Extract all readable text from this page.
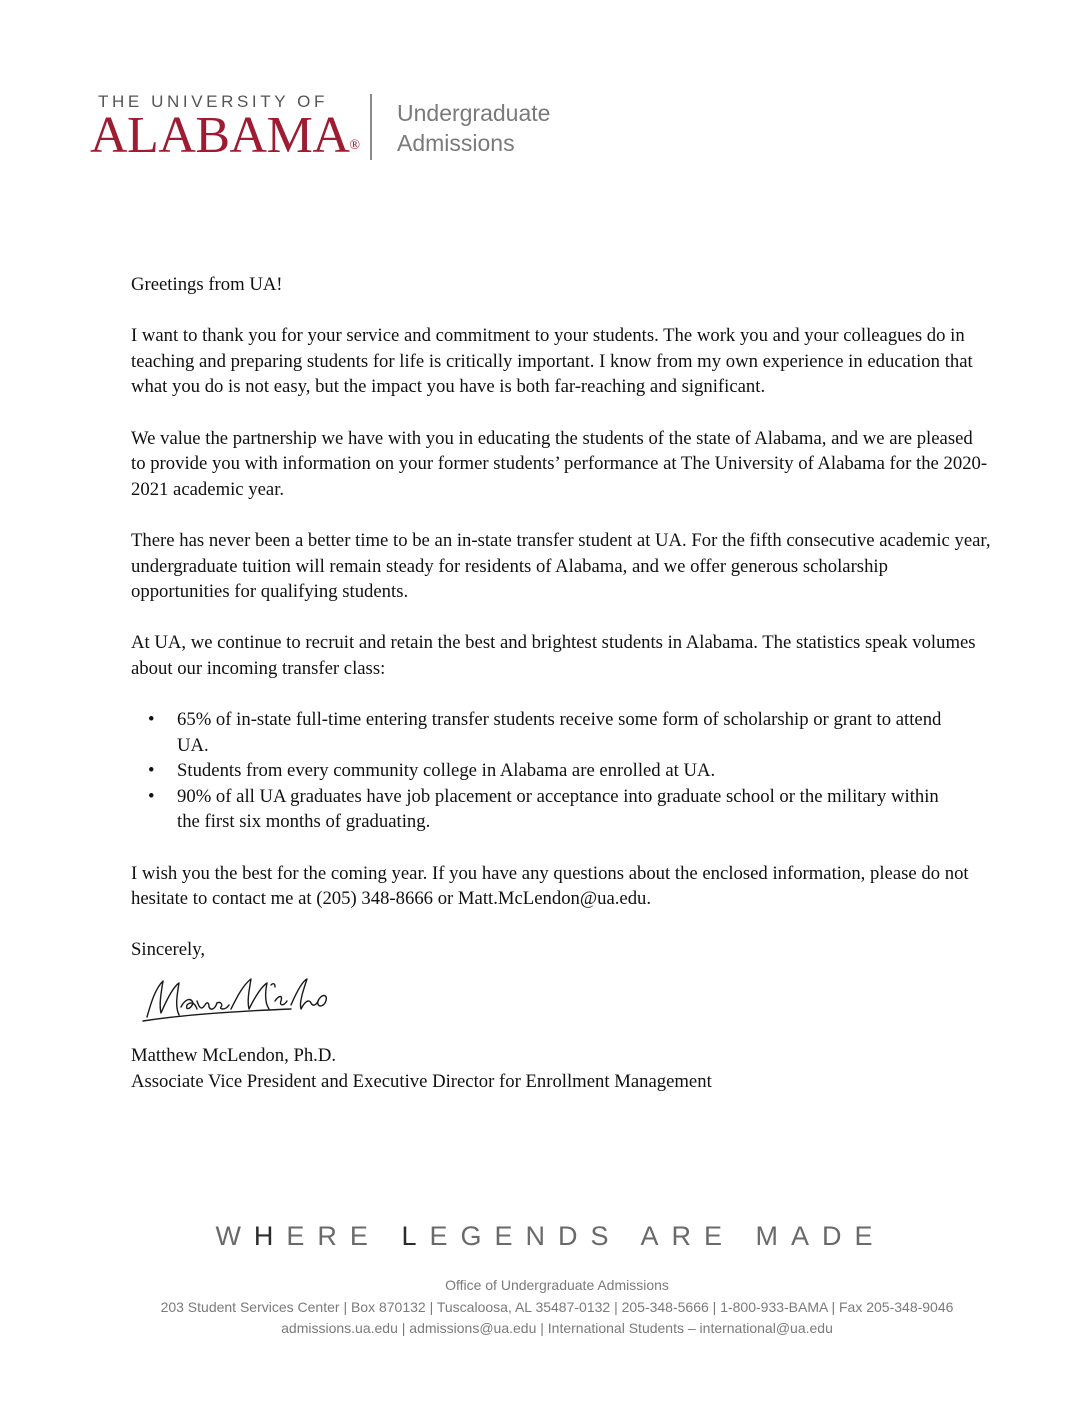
THE UNIVERSITY OF
ALABAMA®
Undergraduate
Admissions

Greetings from UA!

I want to thank you for your service and commitment to your students. The work you and your colleagues do in teaching and preparing students for life is critically important. I know from my own experience in education that what you do is not easy, but the impact you have is both far-reaching and significant.

We value the partnership we have with you in educating the students of the state of Alabama, and we are pleased to provide you with information on your former students’ performance at The University of Alabama for the 2020-2021 academic year.

There has never been a better time to be an in-state transfer student at UA. For the fifth consecutive academic year, undergraduate tuition will remain steady for residents of Alabama, and we offer generous scholarship opportunities for qualifying students.

At UA, we continue to recruit and retain the best and brightest students in Alabama. The statistics speak volumes about our incoming transfer class:

• 65% of in-state full-time entering transfer students receive some form of scholarship or grant to attend UA.
• Students from every community college in Alabama are enrolled at UA.
• 90% of all UA graduates have job placement or acceptance into graduate school or the military within the first six months of graduating.

I wish you the best for the coming year. If you have any questions about the enclosed information, please do not hesitate to contact me at (205) 348-8666 or Matt.McLendon@ua.edu.

Sincerely,

Matthew McLendon, Ph.D.

Associate Vice President and Executive Director for Enrollment Management

WHERE LEGENDS ARE MADE
Office of Undergraduate Admissions
203 Student Services Center | Box 870132 | Tuscaloosa, AL 35487-0132 | 205-348-5666 | 1-800-933-BAMA | Fax 205-348-9046
admissions.ua.edu | admissions@ua.edu | International Students – international@ua.edu
